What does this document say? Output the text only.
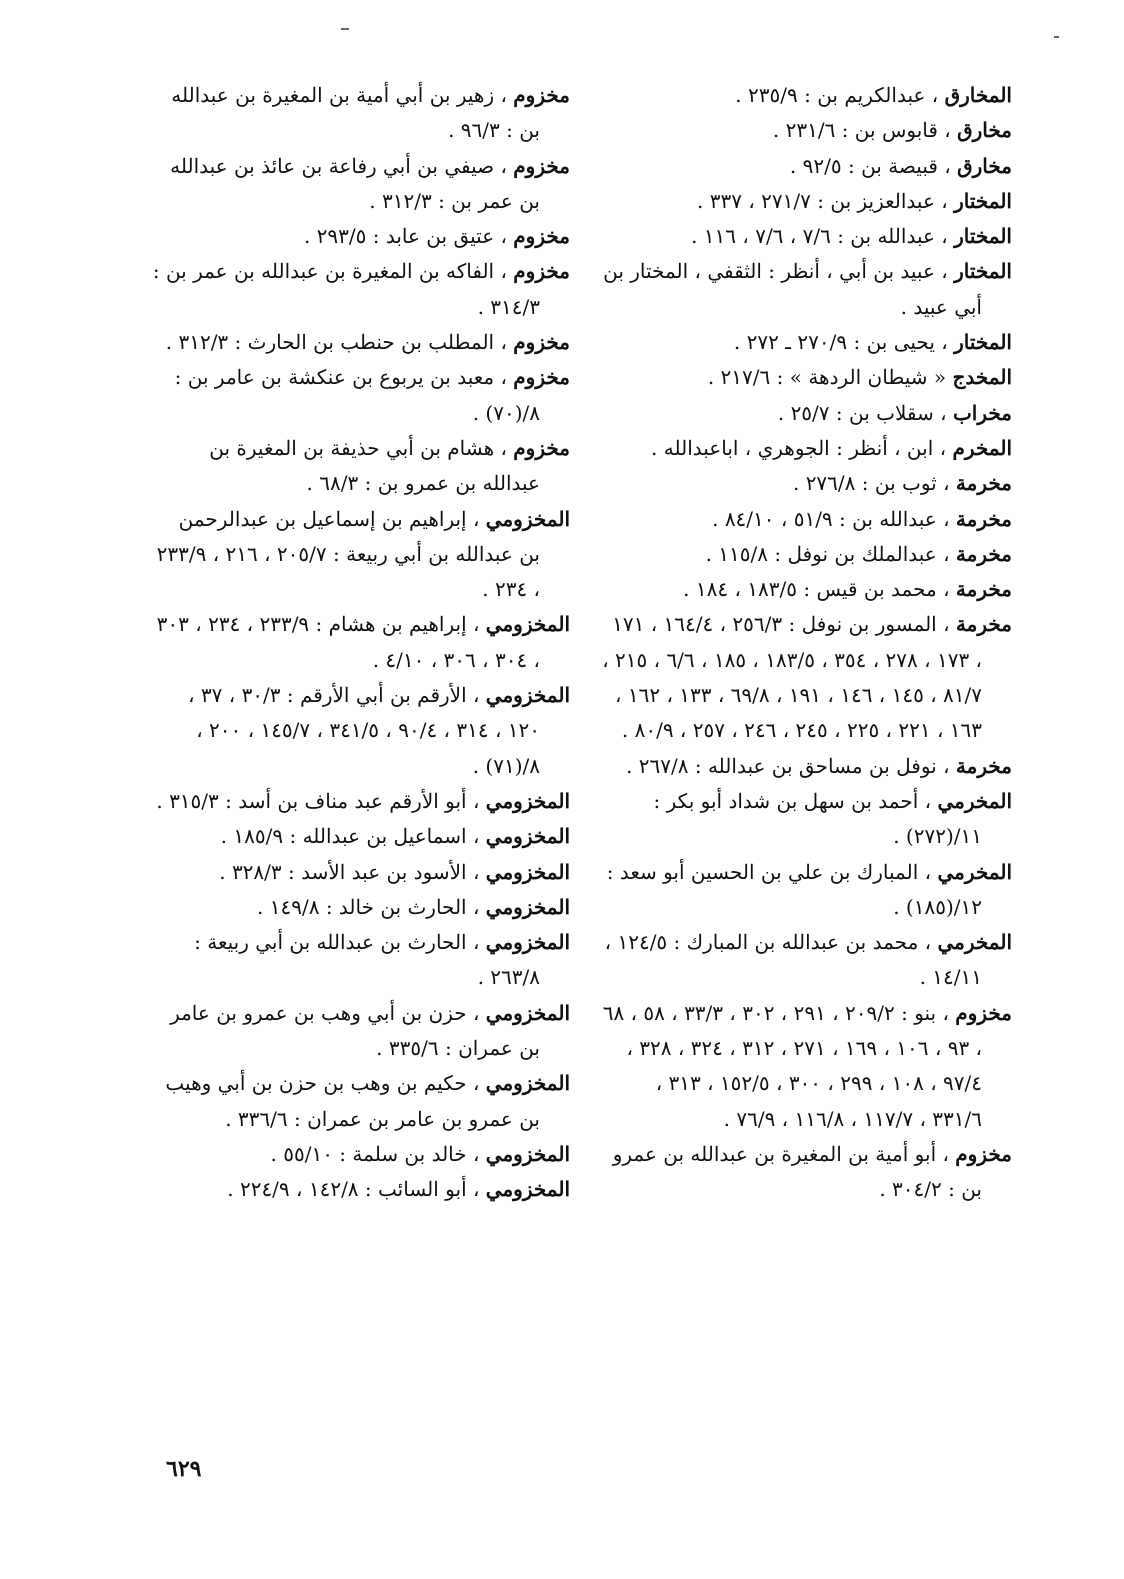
المخارق ، عبدالكريم بن : ٢٣٥/٩ .
مخارق ، قابوس بن : ٢٣١/٦ .
مخارق ، قبيصة بن : ٩٢/٥ .
المختار ، عبدالعزيز بن : ٢٧١/٧ ، ٣٣٧ .
المختار ، عبدالله بن : ٧/٦ ، ٧/٦ ، ١١٦ .
المختار ، عبيد بن أبي ، أنظر : الثقفي ، المختار بن أبي عبيد .
المختار ، يحيى بن : ٢٧٠/٩ ـ ٢٧٢ .
المخدج « شيطان الردهة » : ٢١٧/٦ .
مخراب ، سقلاب بن : ٢٥/٧ .
المخرم ، ابن ، أنظر : الجوهري ، اباعبدالله .
مخرمة ، ثوب بن : ٢٧٦/٨ .
مخرمة ، عبدالله بن : ٥١/٩ ، ٨٤/١٠ .
مخرمة ، عبدالملك بن نوفل : ١١٥/٨ .
مخرمة ، محمد بن قيس : ١٨٣/٥ ، ١٨٤ .
مخرمة ، المسور بن نوفل : ٢٥٦/٣ ، ١٦٤/٤ ، ١٧١ ، ١٧٣ ، ٢٧٨ ، ٣٥٤ ، ١٨٣/٥ ، ١٨٥ ، ٦/٦ ، ٢١٥ ، ٨١/٧ ، ١٤٥ ، ١٤٦ ، ١٩١ ، ٦٩/٨ ، ١٣٣ ، ١٦٢ ، ١٦٣ ، ٢٢١ ، ٢٢٥ ، ٢٤٥ ، ٢٤٦ ، ٢٥٧ ، ٨٠/٩ .
مخرمة ، نوفل بن مساحق بن عبدالله : ٢٦٧/٨ .
المخرمي ، أحمد بن سهل بن شداد أبو بكر : ١١/(٢٧٢) .
المخرمي ، المبارك بن علي بن الحسين أبو سعد : ١٢/(١٨٥) .
المخرمي ، محمد بن عبدالله بن المبارك : ١٢٤/٥ ، ١٤/١١ .
مخزوم ، بنو : ٢٠٩/٢ ، ٢٩١ ، ٣٠٢ ، ٣٣/٣ ، ٥٨ ، ٦٨ ، ٩٣ ، ١٠٦ ، ١٦٩ ، ٢٧١ ، ٣١٢ ، ٣٢٤ ، ٣٢٨ ، ٩٧/٤ ، ١٠٨ ، ٢٩٩ ، ٣٠٠ ، ١٥٢/٥ ، ٣١٣ ، ٣٣١/٦ ، ١١٧/٧ ، ١١٦/٨ ، ٧٦/٩ .
مخزوم ، أبو أمية بن المغيرة بن عبدالله بن عمرو بن : ٣٠٤/٢ .
مخزوم ، زهير بن أبي أمية بن المغيرة بن عبدالله بن : ٩٦/٣ .
مخزوم ، صيفي بن أبي رفاعة بن عائذ بن عبدالله بن عمر بن : ٣١٢/٣ .
مخزوم ، عتيق بن عابد : ٢٩٣/٥ .
مخزوم ، الفاكه بن المغيرة بن عبدالله بن عمر بن : ٣١٤/٣ .
مخزوم ، المطلب بن حنطب بن الحارث : ٣١٢/٣ .
مخزوم ، معبد بن يربوع بن عنكشة بن عامر بن : ٨/(٧٠) .
مخزوم ، هشام بن أبي حذيفة بن المغيرة بن عبدالله بن عمرو بن : ٦٨/٣ .
المخزومي ، إبراهيم بن إسماعيل بن عبدالرحمن بن عبدالله بن أبي ربيعة : ٢٠٥/٧ ، ٢١٦ ، ٢٣٣/٩ ، ٢٣٤ .
المخزومي ، إبراهيم بن هشام : ٢٣٣/٩ ، ٢٣٤ ، ٣٠٣ ، ٣٠٤ ، ٣٠٦ ، ٤/١٠ .
المخزومي ، الأرقم بن أبي الأرقم : ٣٠/٣ ، ٣٧ ، ١٢٠ ، ٣١٤ ، ٩٠/٤ ، ٣٤١/٥ ، ١٤٥/٧ ، ٢٠٠ ، ٨/(٧١) .
المخزومي ، أبو الأرقم عبد مناف بن أسد : ٣١٥/٣ .
المخزومي ، اسماعيل بن عبدالله : ١٨٥/٩ .
المخزومي ، الأسود بن عبد الأسد : ٣٢٨/٣ .
المخزومي ، الحارث بن خالد : ١٤٩/٨ .
المخزومي ، الحارث بن عبدالله بن أبي ربيعة : ٢٦٣/٨ .
المخزومي ، حزن بن أبي وهب بن عمرو بن عامر بن عمران : ٣٣٥/٦ .
المخزومي ، حكيم بن وهب بن حزن بن أبي وهيب بن عمرو بن عامر بن عمران : ٣٣٦/٦ .
المخزومي ، خالد بن سلمة : ٥٥/١٠ .
المخزومي ، أبو السائب : ١٤٢/٨ ، ٢٢٤/٩ .
٦٢٩
